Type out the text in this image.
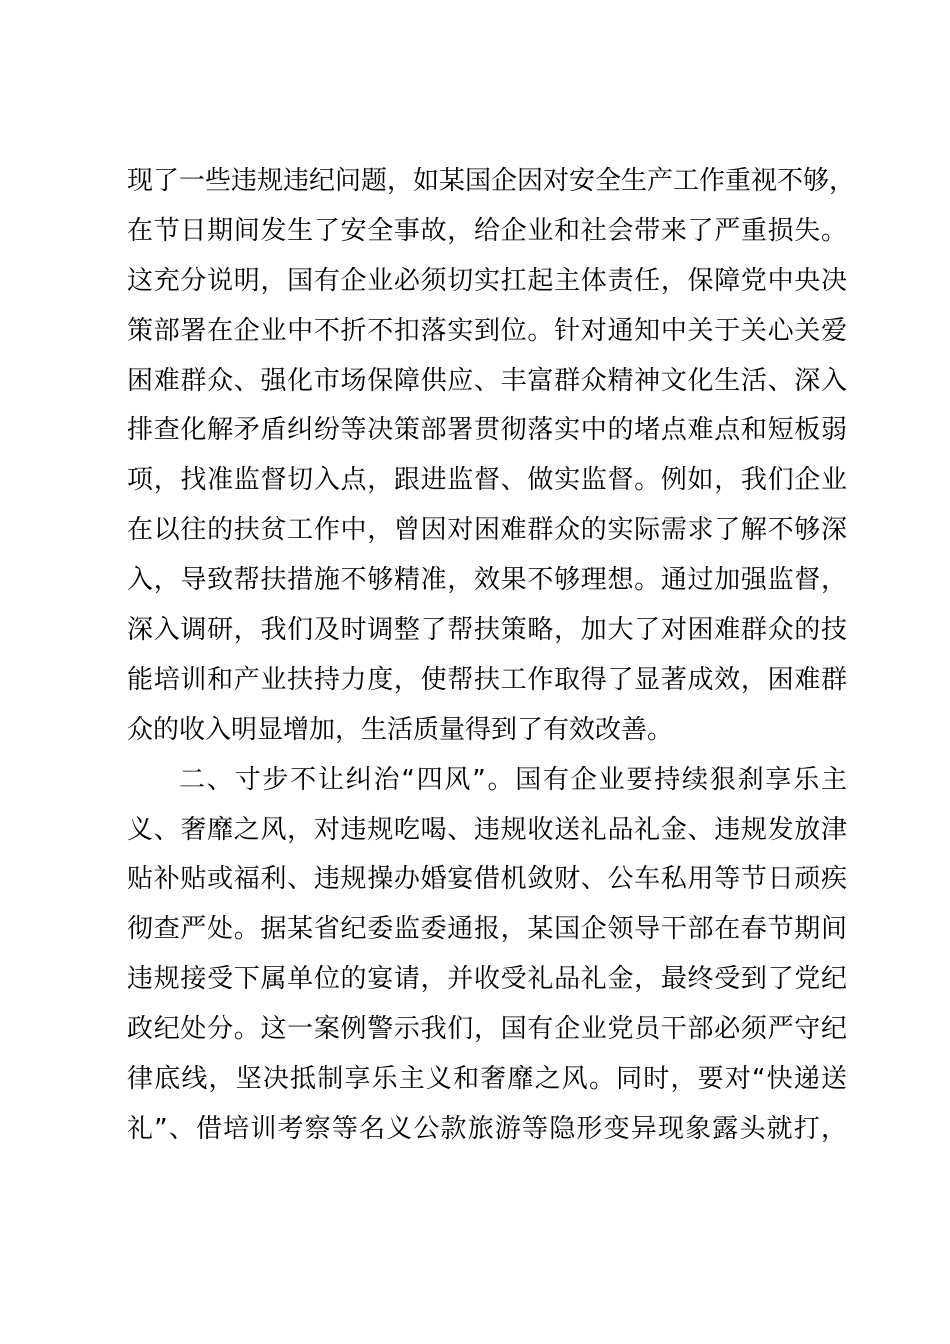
现了一些违规违纪问题，如某国企因对安全生产工作重视不够，
在节日期间发生了安全事故，给企业和社会带来了严重损失。
这充分说明，国有企业必须切实扛起主体责任，保障党中央决
策部署在企业中不折不扣落实到位。针对通知中关于关心关爱
困难群众、强化市场保障供应、丰富群众精神文化生活、深入
排查化解矛盾纠纷等决策部署贯彻落实中的堵点难点和短板弱
项，找准监督切入点，跟进监督、做实监督。例如，我们企业
在以往的扶贫工作中，曾因对困难群众的实际需求了解不够深
入，导致帮扶措施不够精准，效果不够理想。通过加强监督，
深入调研，我们及时调整了帮扶策略，加大了对困难群众的技
能培训和产业扶持力度，使帮扶工作取得了显著成效，困难群
众的收入明显增加，生活质量得到了有效改善。
二、寸步不让纠治“四风”。国有企业要持续狠刹享乐主
义、奢靡之风，对违规吃喝、违规收送礼品礼金、违规发放津
贴补贴或福利、违规操办婚宴借机敛财、公车私用等节日顽疾
彻查严处。据某省纪委监委通报，某国企领导干部在春节期间
违规接受下属单位的宴请，并收受礼品礼金，最终受到了党纪
政纪处分。这一案例警示我们，国有企业党员干部必须严守纪
律底线，坚决抵制享乐主义和奢靡之风。同时，要对“快递送
礼”、借培训考察等名义公款旅游等隐形变异现象露头就打，
